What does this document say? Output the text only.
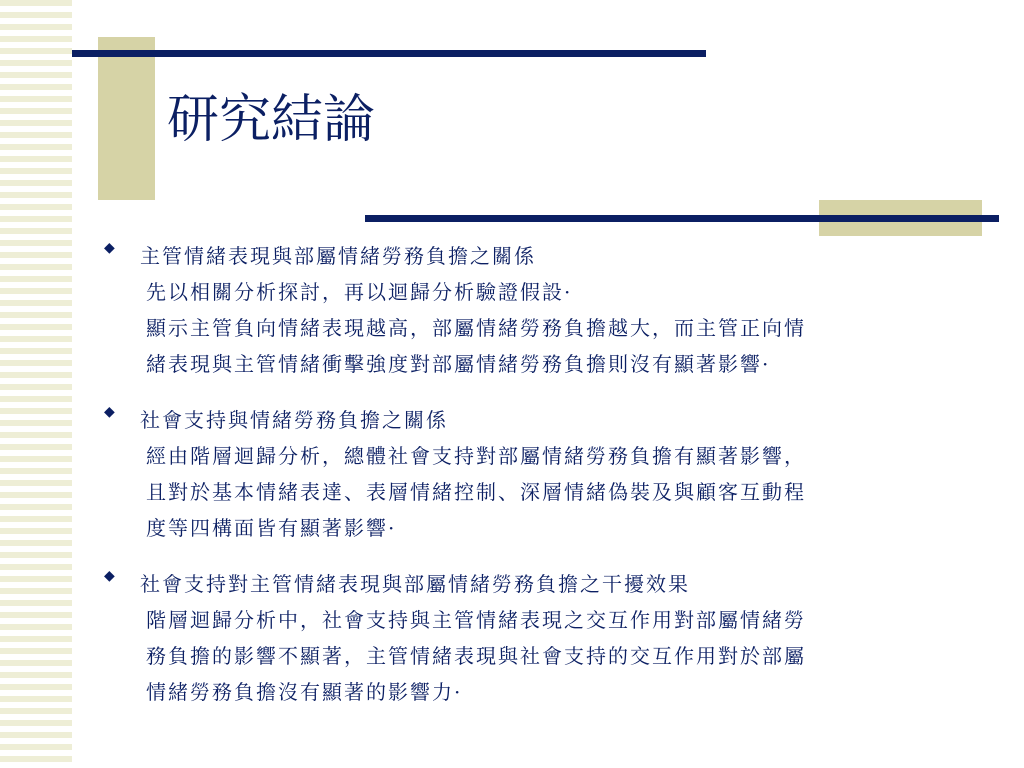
研究結論
◆ 主管情緒表現與部屬情緒勞務負擔之關係
先以相關分析探討，再以迴歸分析驗證假設·
顯示主管負向情緒表現越高，部屬情緒勞務負擔越大，而主管正向情
緒表現與主管情緒衝擊強度對部屬情緒勞務負擔則沒有顯著影響·
◆ 社會支持與情緒勞務負擔之關係
經由階層迴歸分析，總體社會支持對部屬情緒勞務負擔有顯著影響，
且對於基本情緒表達、表層情緒控制、深層情緒偽裝及與顧客互動程
度等四構面皆有顯著影響·
◆ 社會支持對主管情緒表現與部屬情緒勞務負擔之干擾效果
階層迴歸分析中，社會支持與主管情緒表現之交互作用對部屬情緒勞
務負擔的影響不顯著，主管情緒表現與社會支持的交互作用對於部屬
情緒勞務負擔沒有顯著的影響力·
